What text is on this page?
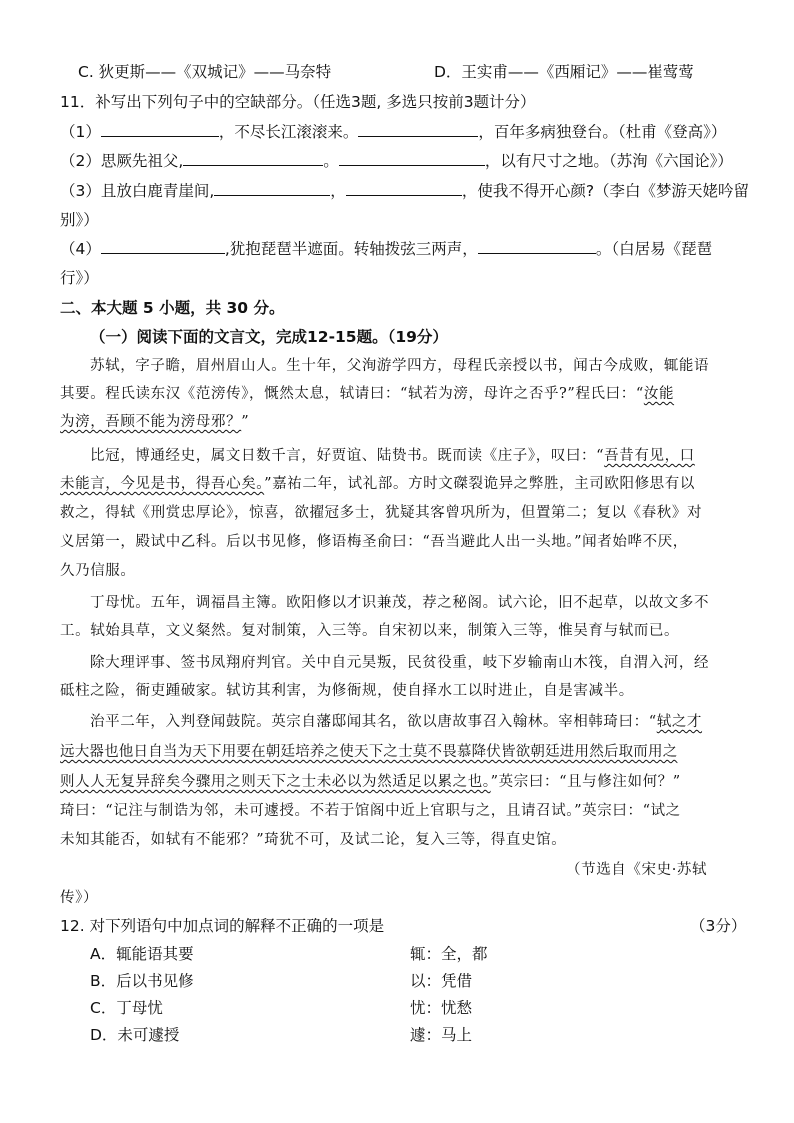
C. 狄更斯——《双城记》——马奈特	D．王实甫——《西厢记》——崔莺莺
11．补写出下列句子中的空缺部分。（任选3题, 多选只按前3题计分）
（1）	，不尽长江滚滚来。	，百年多病独登台。（杜甫《登高》）
（2）思厥先祖父,	。	，以有尺寸之地。（苏洵《六国论》）
（3）且放白鹿青崖间,	，	，使我不得开心颜?（李白《梦游天姥吟留
别》）
（4）	,犹抱琵琶半遮面。转轴拨弦三两声，	。（白居易《琵琶
行》）
二、本大题 5 小题，共 30 分。
（一）阅读下面的文言文，完成12-15题。（19分）
苏轼，字子瞻，眉州眉山人。生十年，父洵游学四方，母程氏亲授以书，闻古今成败，辄能语
其要。程氏读东汉《范滂传》，慨然太息，轼请曰：“轼若为滂，母许之否乎?”程氏曰：“汝能
为滂，吾顾不能为滂母邪？”
比冠，博通经史，属文日数千言，好贾谊、陆贽书。既而读《庄子》，叹曰：“吾昔有见，口
未能言，今见是书，得吾心矣。”嘉祐二年，试礼部。方时文磔裂诡异之弊胜，主司欧阳修思有以
救之，得轼《刑赏忠厚论》，惊喜，欲擢冠多士，犹疑其客曾巩所为，但置第二；复以《春秋》对
义居第一，殿试中乙科。后以书见修，修语梅圣俞曰：“吾当避此人出一头地。”闻者始哗不厌，
久乃信服。
丁母忧。五年，调福昌主簿。欧阳修以才识兼茂，荐之秘阁。试六论，旧不起草，以故文多不
工。轼始具草，文义粲然。复对制策，入三等。自宋初以来，制策入三等，惟吴育与轼而已。
除大理评事、签书凤翔府判官。关中自元昊叛，民贫役重，岐下岁输南山木筏，自渭入河，经
砥柱之险，衙吏踵破家。轼访其利害，为修衙规，使自择水工以时进止，自是害减半。
治平二年，入判登闻鼓院。英宗自藩邸闻其名，欲以唐故事召入翰林。宰相韩琦曰：“轼之才
远大器也他日自当为天下用要在朝廷培养之使天下之士莫不畏慕降伏皆欲朝廷进用然后取而用之
则人人无复异辞矣今骤用之则天下之士未必以为然适足以累之也。”英宗曰：“且与修注如何？”
琦曰：“记注与制诰为邻，未可遽授。不若于馆阁中近上官职与之，且请召试。”英宗曰：“试之
未知其能否，如轼有不能邪？”琦犹不可，及试二论，复入三等，得直史馆。
（节选自《宋史·苏轼
传》）
12. 对下列语句中加点词的解释不正确的一项是	（3分）
A．辄能语其要	辄：全，都
B．后以书见修	以：凭借
C．丁母忧	忧：忧愁
D．未可遽授	遽：马上
